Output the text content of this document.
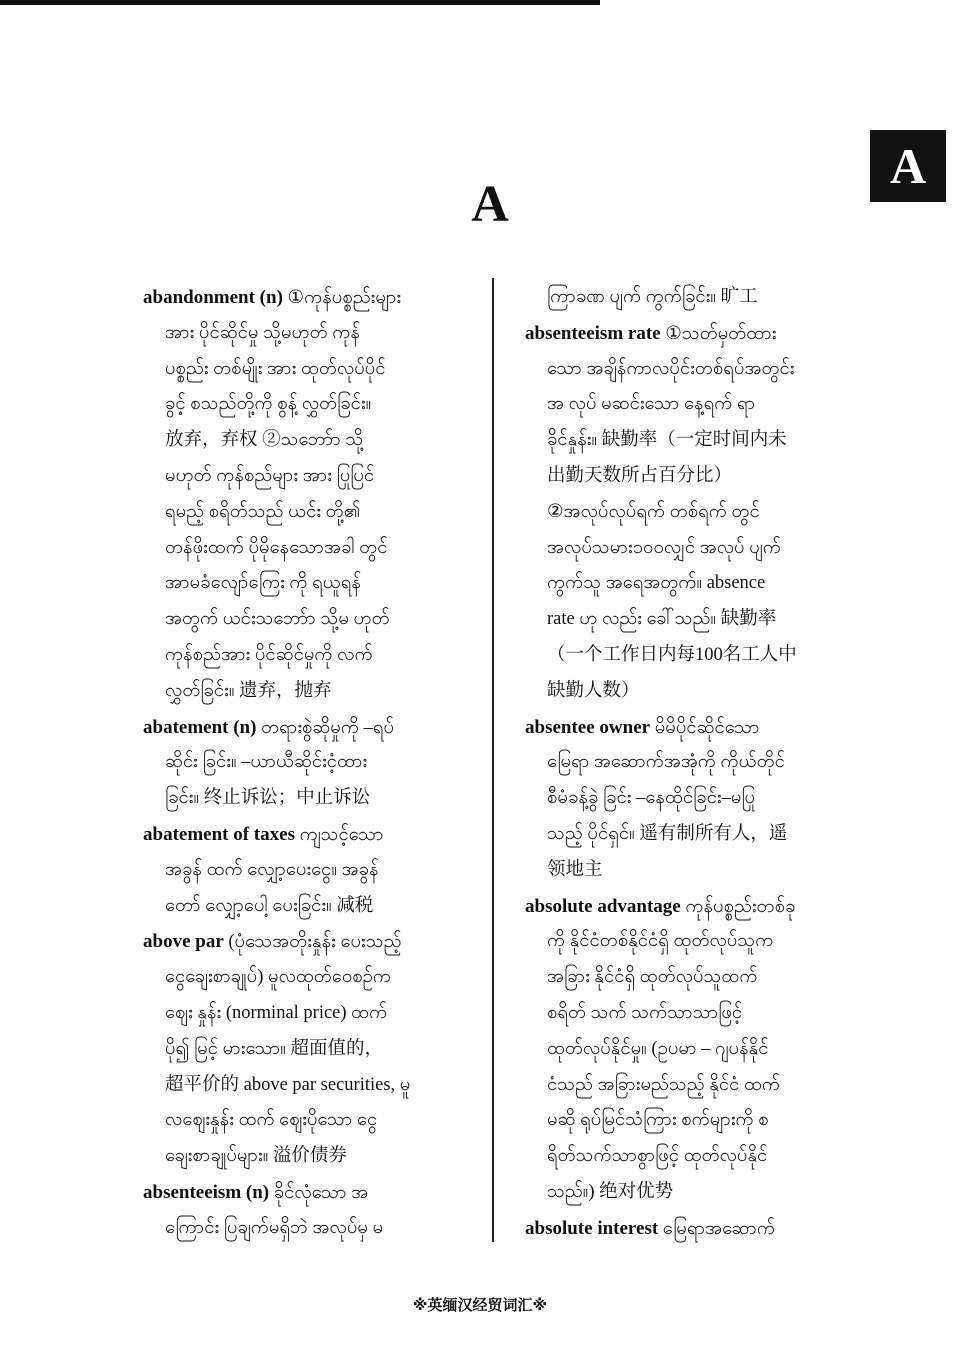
A
A
abandonment (n) ①ကုန်ပစ္စည်းများ
အား ပိုင်ဆိုင်မှု သို့မဟုတ် ကုန်
ပစ္စည်း တစ်မျိုး အား ထုတ်လုပ်ပိုင်
ခွင့် စသည်တို့ကို စွန့် လွှတ်ခြင်း။
放弃，弃权 ②သဘော်ာ သို့
မဟုတ် ကုန်စည်များ အား ပြုပြင်
ရမည့် စရိတ်သည် ယင်း တို့၏
တန်ဖိုးထက် ပိုမိုနေသောအခါ တွင်
အာမခံလျော်ကြေး ကို ရယူရန်
အတွက် ယင်းသဘော်ာ သို့မ ဟုတ်
ကုန်စည်အား ပိုင်ဆိုင်မှုကို လက်
လွှတ်ခြင်း။ 遗弃，抛弃
abatement (n) တရားစွဲဆိုမှုကို –ရပ်
ဆိုင်း ခြင်း။ –ယာယီဆိုင်းငံ့ထား
ခြင်း။ 终止诉讼；中止诉讼
abatement of taxes ကျသင့်သော
အခွန် ထက် လျှော့ပေးငွေ။ အခွန်
တော် လျှော့ပေါ့ ပေးခြင်း။ 减税
above par (ပုံသေအတိုးနှုန်း ပေးသည့်
ငွေချေးစာချုပ်) မူလထုတ်ဝေစဉ်က
ဈေး နှုန်း (norminal price) ထက်
ပို၍ မြင့် မားသော။ 超面值的，
超平价的 above par securities, မူ
လဈေးနှုန်း ထက် ဈေးပိုသော ငွေ
ချေးစာချုပ်များ။ 溢价债券
absenteeism (n) ခိုင်လုံသော အ
ကြောင်း ပြချက်မရှိဘဲ အလုပ်မှ မ
ကြာခဏ ပျက် ကွက်ခြင်း။ 旷工
absenteeism rate ①သတ်မှတ်ထား
သော အချိန်ကာလပိုင်းတစ်ရပ်အတွင်း
အ လုပ် မဆင်းသော နေ့ရက် ရာ
ခိုင်နှုန်း။ 缺勤率（一定时间内未
出勤天数所占百分比）
②အလုပ်လုပ်ရက် တစ်ရက် တွင်
အလုပ်သမား၁၀၀လျှင် အလုပ် ပျက်
ကွက်သူ အရေအတွက်။ absence
rate ဟု လည်း ခေါ်သည်။ 缺勤率
（一个工作日内每100名工人中
缺勤人数）
absentee owner မိမိပိုင်ဆိုင်သော
မြေရာ အဆောက်အအုံကို ကိုယ်တိုင်
စီမံခန့်ခွဲ ခြင်း –နေထိုင်ခြင်း–မပြု
သည့် ပိုင်ရှင်။ 遥有制所有人，遥
领地主
absolute advantage ကုန်ပစ္စည်းတစ်ခု
ကို နိုင်ငံတစ်နိုင်ငံရှိ ထုတ်လုပ်သူက
အခြား နိုင်ငံရှိ ထုတ်လုပ်သူထက်
စရိတ် သက် သက်သာသာဖြင့်
ထုတ်လုပ်နိုင်မှု။ (ဥပမာ – ဂျပန်နိုင်
ငံသည် အခြားမည်သည့် နိုင်ငံ ထက်
မဆို ရုပ်မြင်သံကြား စက်များကို စ
ရိတ်သက်သာစွာဖြင့် ထုတ်လုပ်နိုင်
သည်။) 绝对优势
absolute interest မြေရာအဆောက်
※英缅汉经贸词汇※
